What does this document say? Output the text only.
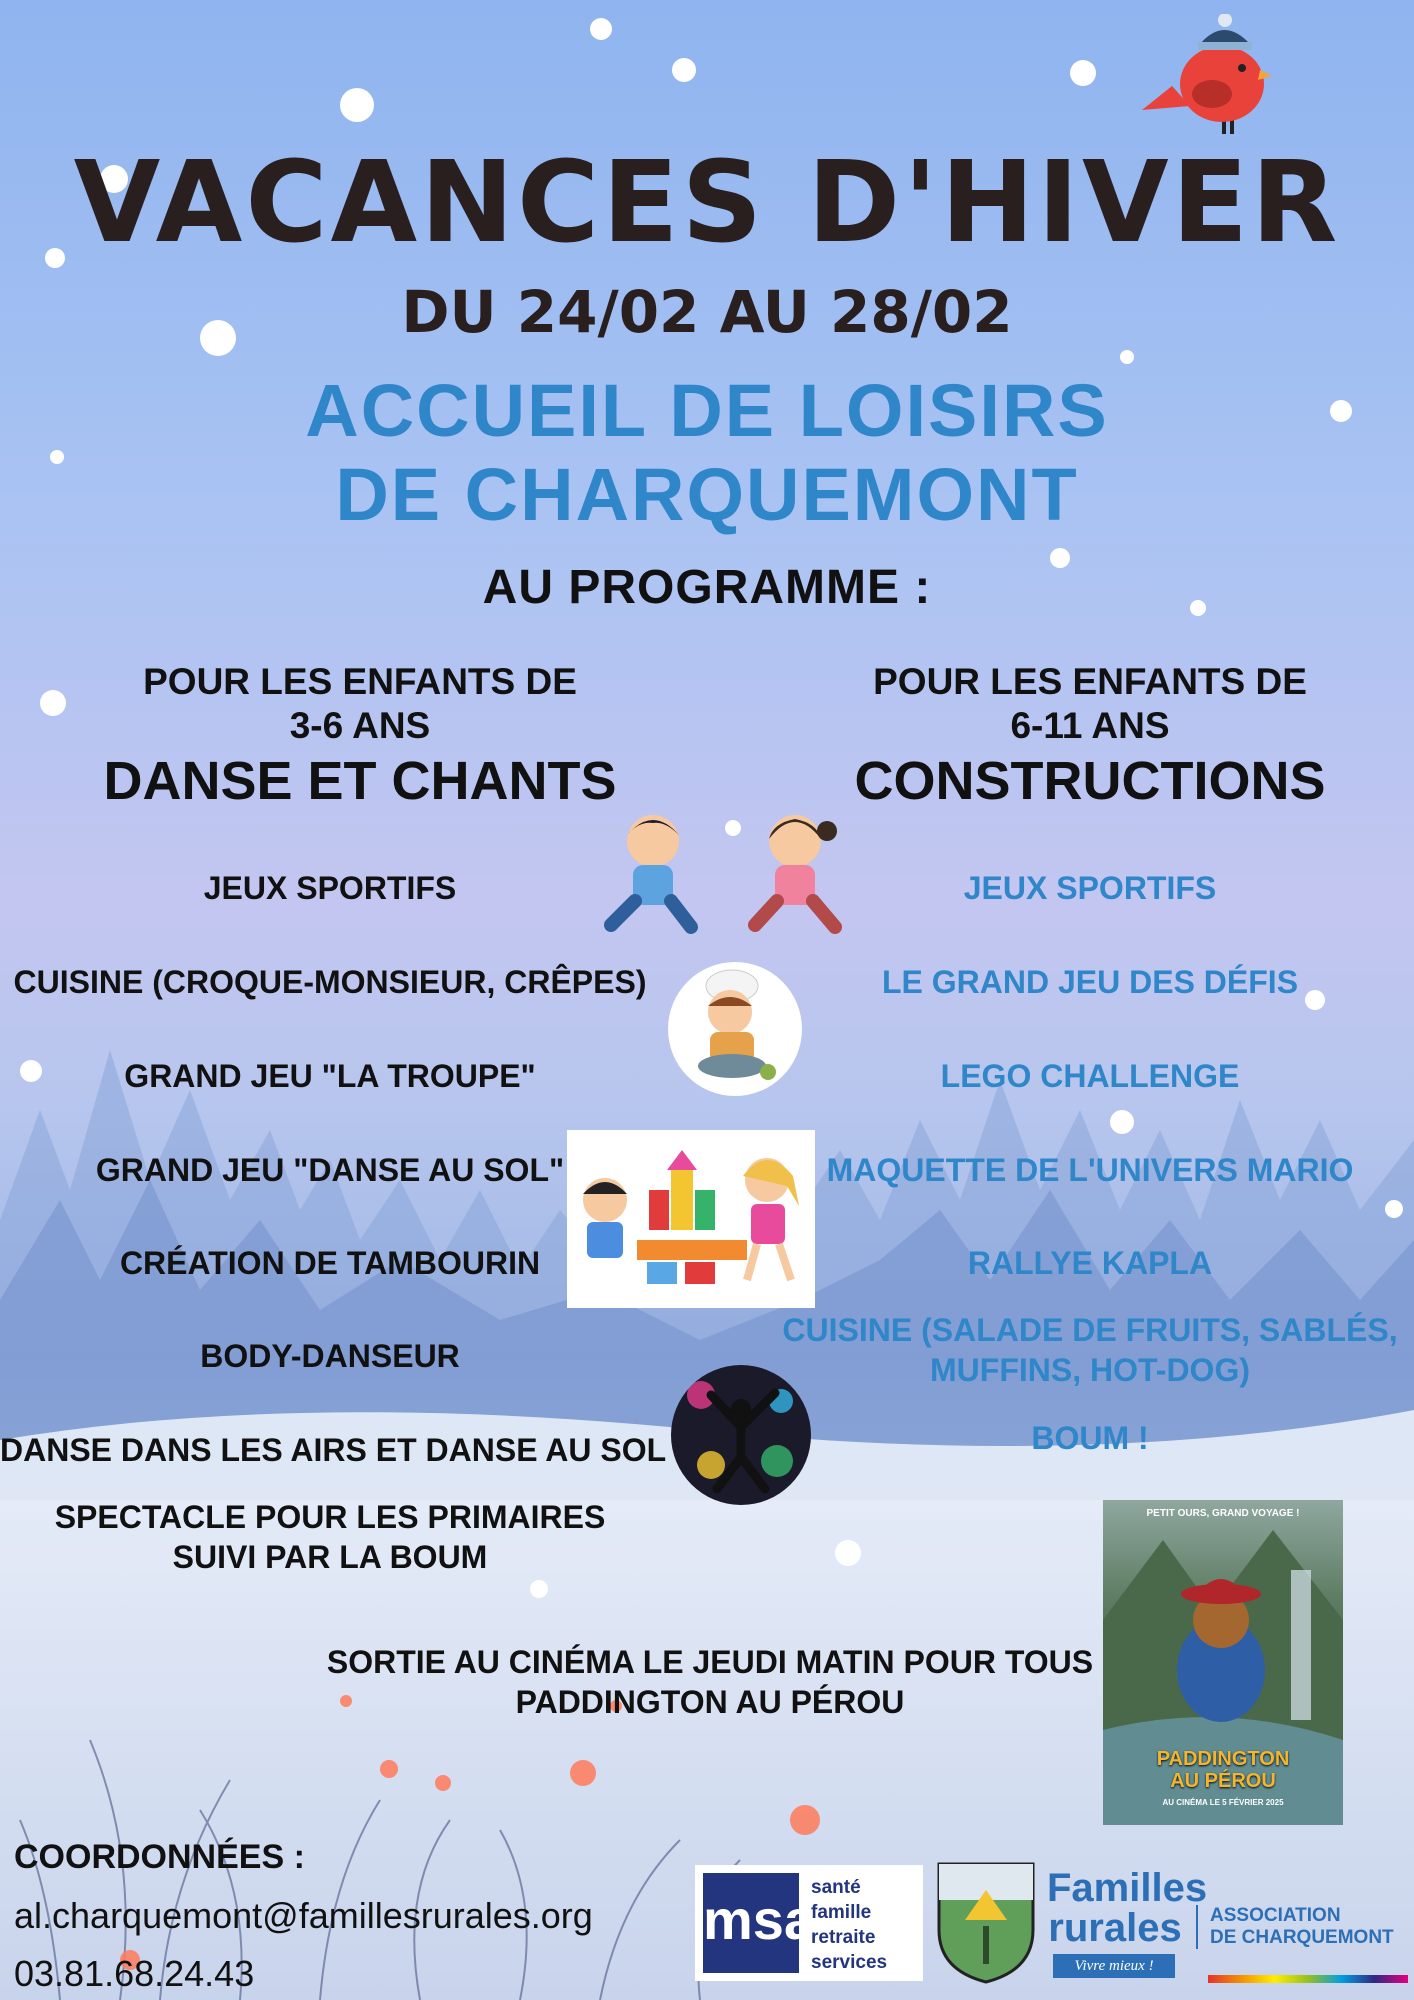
VACANCES D'HIVER
DU 24/02 AU 28/02
ACCUEIL DE LOISIRS
DE CHARQUEMONT
AU PROGRAMME :
POUR LES ENFANTS DE
3-6 ANS
DANSE ET CHANTS
POUR LES ENFANTS DE
6-11 ANS
CONSTRUCTIONS
JEUX SPORTIFS
CUISINE (CROQUE-MONSIEUR, CRÊPES)
GRAND JEU "LA TROUPE"
GRAND JEU "DANSE AU SOL"
CRÉATION DE TAMBOURIN
BODY-DANSEUR
DANSE DANS LES AIRS ET DANSE AU SOL
SPECTACLE POUR LES PRIMAIRES
SUIVI PAR LA BOUM
JEUX SPORTIFS
LE GRAND JEU DES DÉFIS
LEGO CHALLENGE
MAQUETTE DE L'UNIVERS MARIO
RALLYE KAPLA
CUISINE (SALADE DE FRUITS, SABLÉS,
MUFFINS, HOT-DOG)
BOUM !
SORTIE AU CINÉMA LE JEUDI MATIN POUR TOUS
PADDINGTON AU PÉROU
PETIT OURS, GRAND VOYAGE !
PADDINGTON
AU PÉROU
AU CINÉMA LE 5 FÉVRIER 2025
COORDONNÉES :
al.charquemont@famillesrurales.org
03.81.68.24.43
msa
santé
famille
retraite
services
Familles
rurales
Vivre mieux !
ASSOCIATION
DE CHARQUEMONT
